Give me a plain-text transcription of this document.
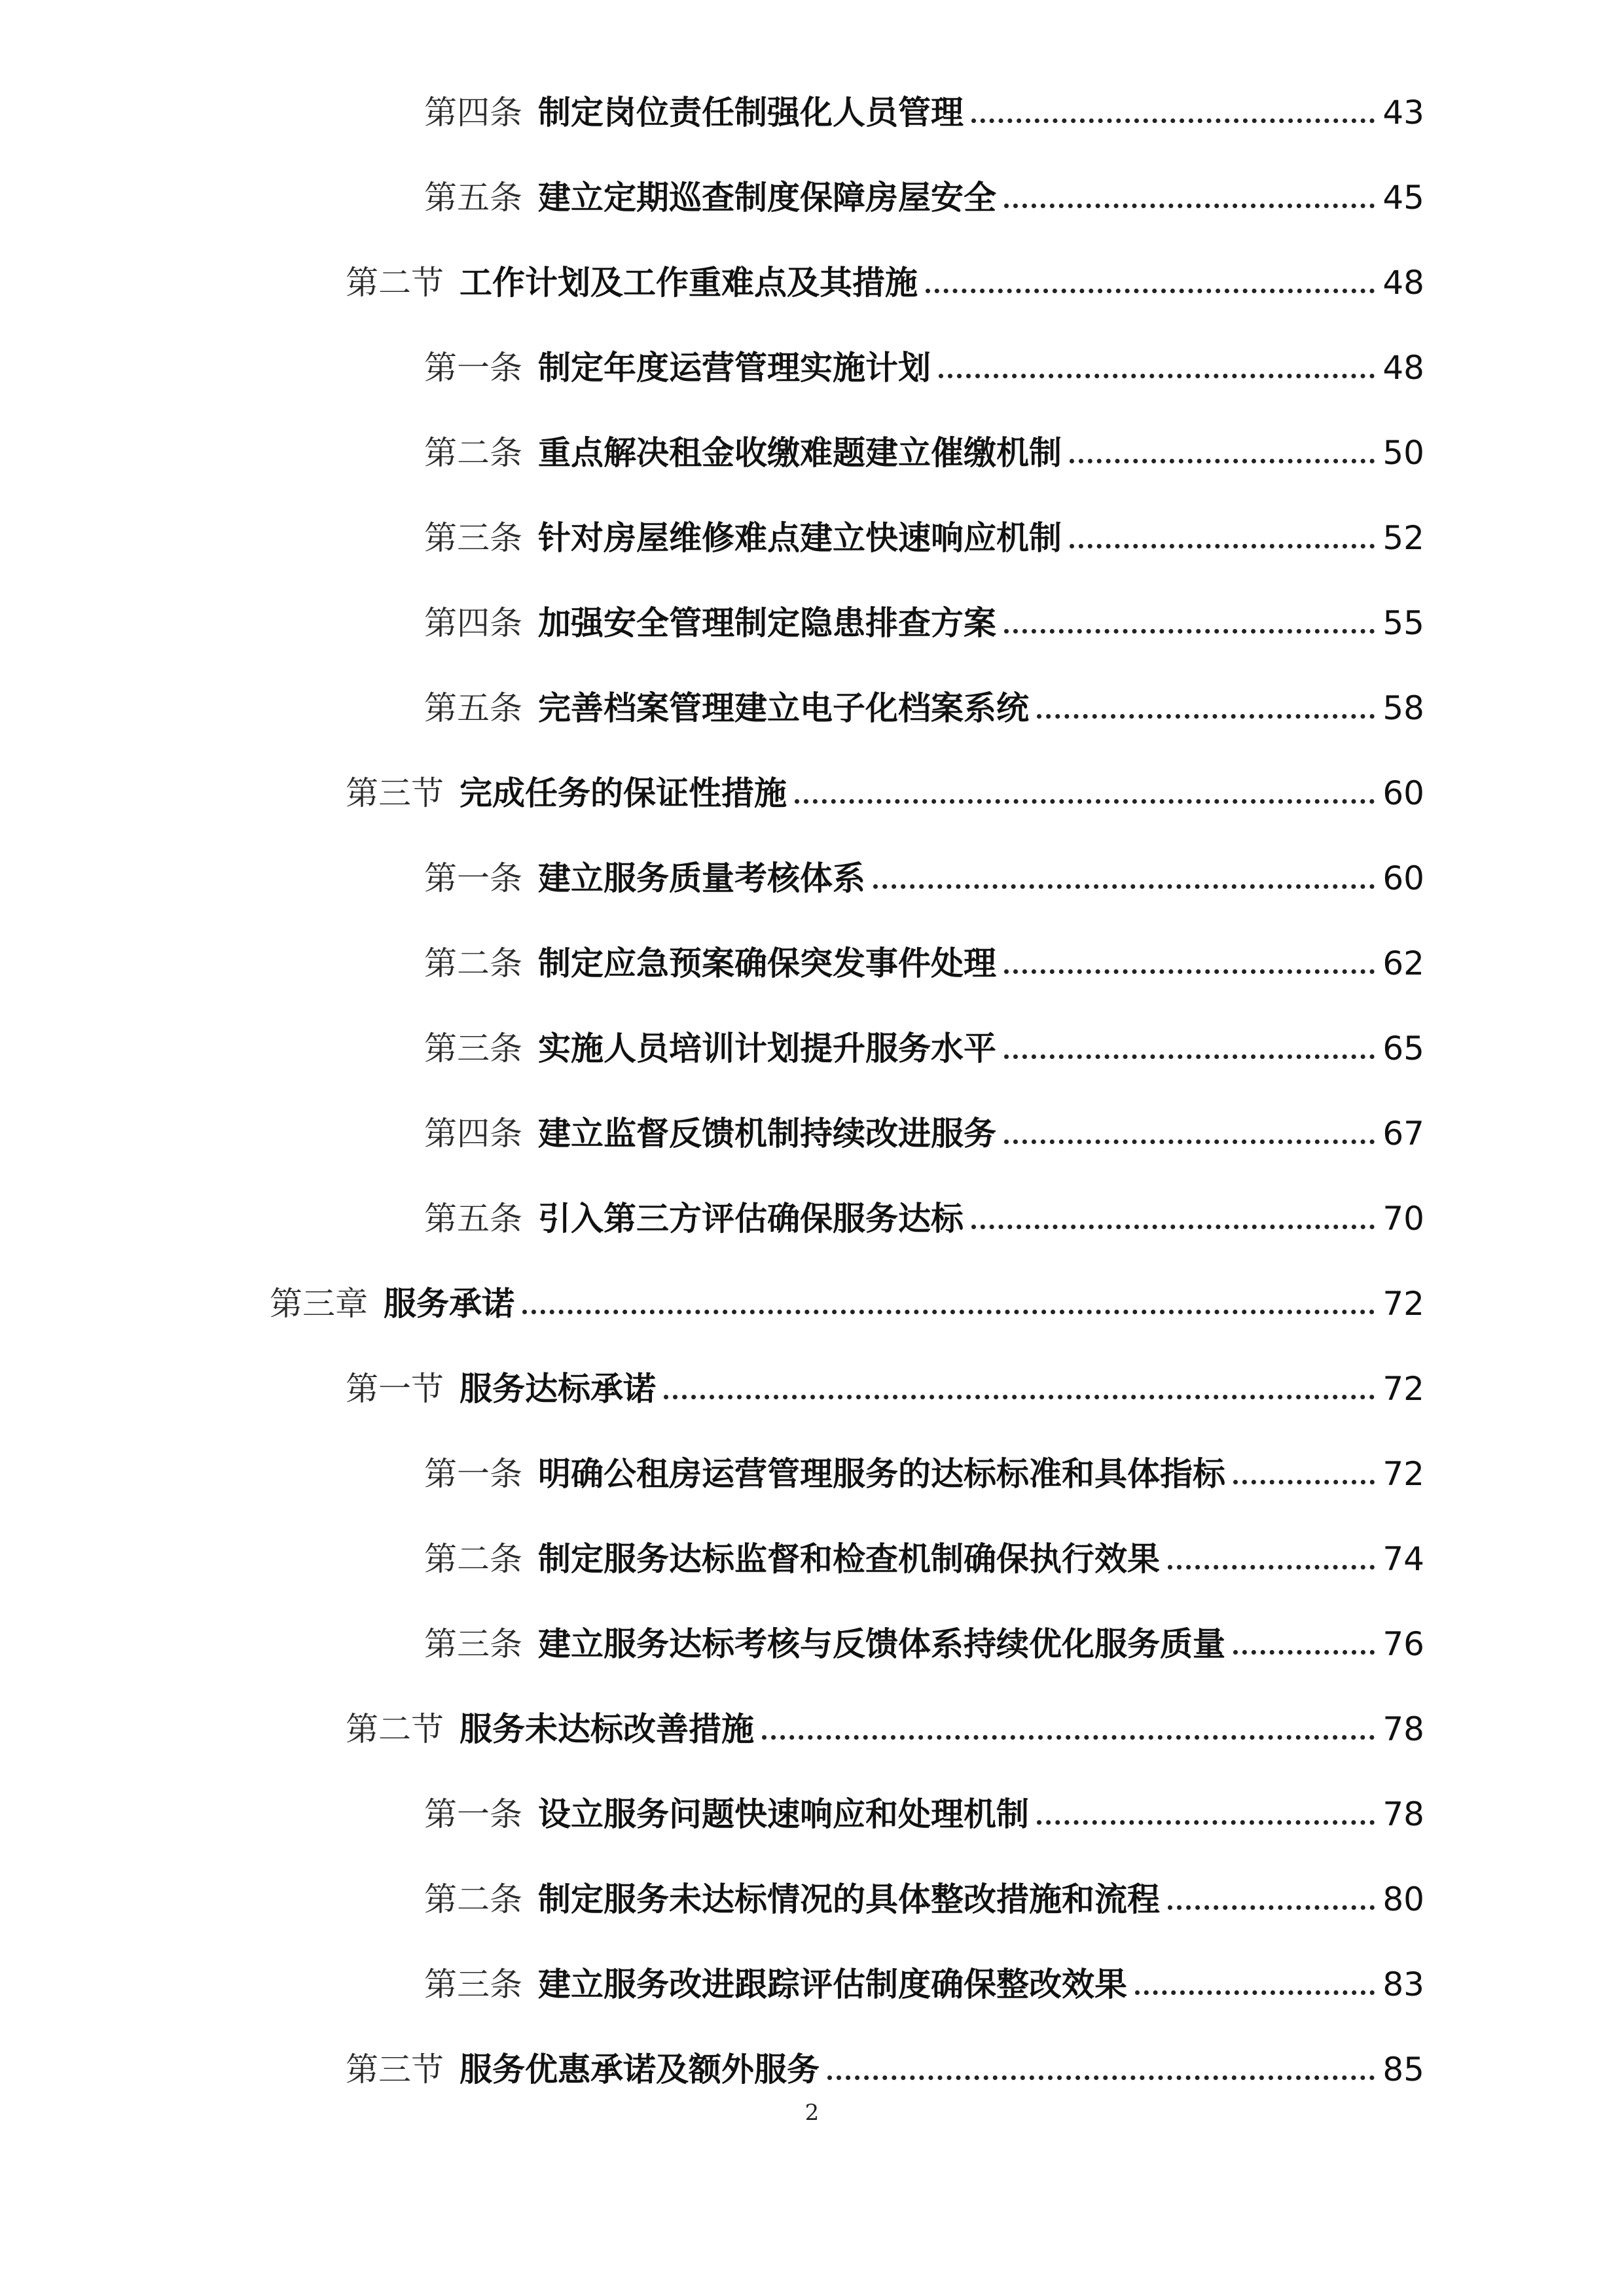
第四条 制定岗位责任制强化人员管理	43
第五条 建立定期巡查制度保障房屋安全	45
第二节 工作计划及工作重难点及其措施	48
第一条 制定年度运营管理实施计划	48
第二条 重点解决租金收缴难题建立催缴机制	50
第三条 针对房屋维修难点建立快速响应机制	52
第四条 加强安全管理制定隐患排查方案	55
第五条 完善档案管理建立电子化档案系统	58
第三节 完成任务的保证性措施	60
第一条 建立服务质量考核体系	60
第二条 制定应急预案确保突发事件处理	62
第三条 实施人员培训计划提升服务水平	65
第四条 建立监督反馈机制持续改进服务	67
第五条 引入第三方评估确保服务达标	70
第三章 服务承诺	72
第一节 服务达标承诺	72
第一条 明确公租房运营管理服务的达标标准和具体指标	72
第二条 制定服务达标监督和检查机制确保执行效果	74
第三条 建立服务达标考核与反馈体系持续优化服务质量	76
第二节 服务未达标改善措施	78
第一条 设立服务问题快速响应和处理机制	78
第二条 制定服务未达标情况的具体整改措施和流程	80
第三条 建立服务改进跟踪评估制度确保整改效果	83
第三节 服务优惠承诺及额外服务	85
2
